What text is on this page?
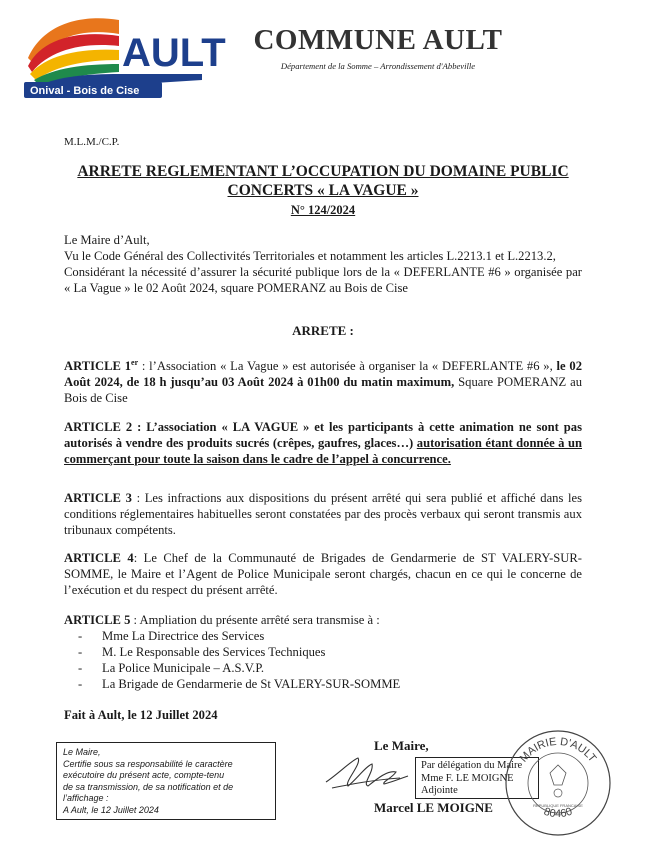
AULT
Onival - Bois de Cise
COMMUNE AULT
Département de la Somme – Arrondissement d'Abbeville
M.L.M./C.P.
ARRETE REGLEMENTANT L’OCCUPATION DU DOMAINE PUBLIC
CONCERTS « LA VAGUE »
N° 124/2024
Le Maire d’Ault,
Vu le Code Général des Collectivités Territoriales et notamment les articles L.2213.1 et L.2213.2,
Considérant la nécessité d’assurer la sécurité publique lors de la « DEFERLANTE #6 » organisée par « La Vague » le 02 Août 2024, square POMERANZ au Bois de Cise
ARRETE :
ARTICLE 1er : l’Association « La Vague » est autorisée à organiser la « DEFERLANTE #6 », le 02 Août 2024, de 18 h jusqu’au 03 Août 2024 à 01h00 du matin maximum, Square POMERANZ au Bois de Cise
ARTICLE 2 : L’association « LA VAGUE » et les participants à cette animation ne sont pas autorisés à vendre des produits sucrés (crêpes, gaufres, glaces…) autorisation étant donnée à un commerçant pour toute la saison dans le cadre de l’appel à concurrence.
ARTICLE 3 : Les infractions aux dispositions du présent arrêté qui sera publié et affiché dans les conditions réglementaires habituelles seront constatées par des procès verbaux qui seront transmis aux tribunaux compétents.
ARTICLE 4: Le Chef de la Communauté de Brigades de Gendarmerie de ST VALERY-SUR-SOMME, le Maire et l’Agent de Police Municipale seront chargés, chacun en ce qui le concerne de l’exécution et du respect du présent arrêté.
ARTICLE 5 : Ampliation du présente arrêté sera transmise à :
- Mme La Directrice des Services
- M. Le Responsable des Services Techniques
- La Police Municipale – A.S.V.P.
- La Brigade de Gendarmerie de St VALERY-SUR-SOMME
Fait à Ault, le 12 Juillet 2024
Le Maire,
Certifie sous sa responsabilité le caractère
exécutoire du présent acte, compte-tenu
de sa transmission, de sa notification et de
l’affichage :
A Ault, le 12 Juillet 2024
Le Maire,
Par délégation du Maire
Mme F. LE MOIGNE
Adjointe
Marcel LE MOIGNE
MAIRIE D'AULT
80460
REPUBLIQUE FRANCAISE
